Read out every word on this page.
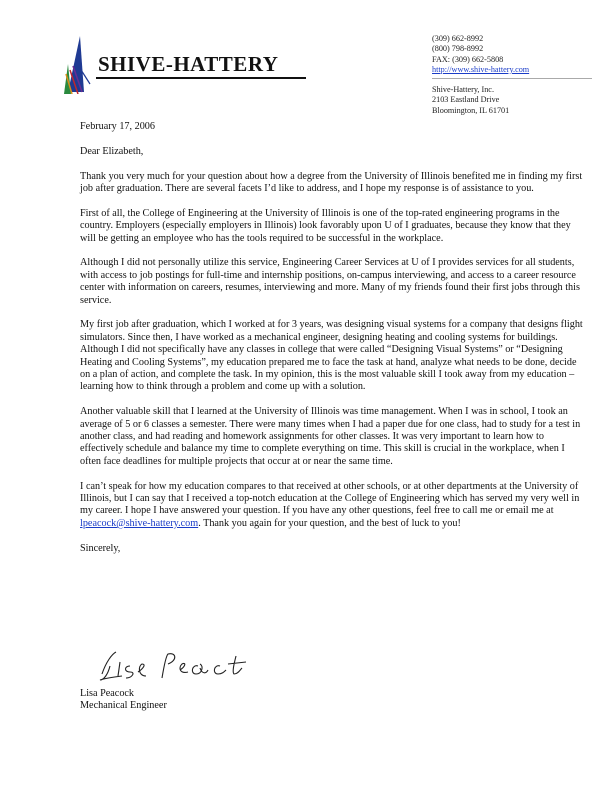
SHIVE-HATTERY
(309) 662-8992
(800) 798-8992
FAX: (309) 662-5808
http://www.shive-hattery.com
Shive-Hattery, Inc.
2103 Eastland Drive
Bloomington, IL 61701

February 17, 2006

Dear Elizabeth,

Thank you very much for your question about how a degree from the University of Illinois benefited me in finding my first job after graduation. There are several facets I’d like to address, and I hope my response is of assistance to you.

First of all, the College of Engineering at the University of Illinois is one of the top-rated engineering programs in the country. Employers (especially employers in Illinois) look favorably upon U of I graduates, because they know that they will be getting an employee who has the tools required to be successful in the workplace.

Although I did not personally utilize this service, Engineering Career Services at U of I provides services for all students, with access to job postings for full-time and internship positions, on-campus interviewing, and access to a career resource center with information on careers, resumes, interviewing and more. Many of my friends found their first jobs through this service.

My first job after graduation, which I worked at for 3 years, was designing visual systems for a company that designs flight simulators. Since then, I have worked as a mechanical engineer, designing heating and cooling systems for buildings. Although I did not specifically have any classes in college that were called “Designing Visual Systems” or “Designing Heating and Cooling Systems”, my education prepared me to face the task at hand, analyze what needs to be done, decide on a plan of action, and complete the task. In my opinion, this is the most valuable skill I took away from my education – learning how to think through a problem and come up with a solution.

Another valuable skill that I learned at the University of Illinois was time management. When I was in school, I took an average of 5 or 6 classes a semester. There were many times when I had a paper due for one class, had to study for a test in another class, and had reading and homework assignments for other classes. It was very important to learn how to effectively schedule and balance my time to complete everything on time. This skill is crucial in the workplace, when I often face deadlines for multiple projects that occur at or near the same time.

I can’t speak for how my education compares to that received at other schools, or at other departments at the University of Illinois, but I can say that I received a top-notch education at the College of Engineering which has served my very well in my career. I hope I have answered your question. If you have any other questions, feel free to call me or email me at lpeacock@shive-hattery.com. Thank you again for your question, and the best of luck to you!

Sincerely,

Lisa Peacock
Lisa Peacock
Mechanical Engineer
